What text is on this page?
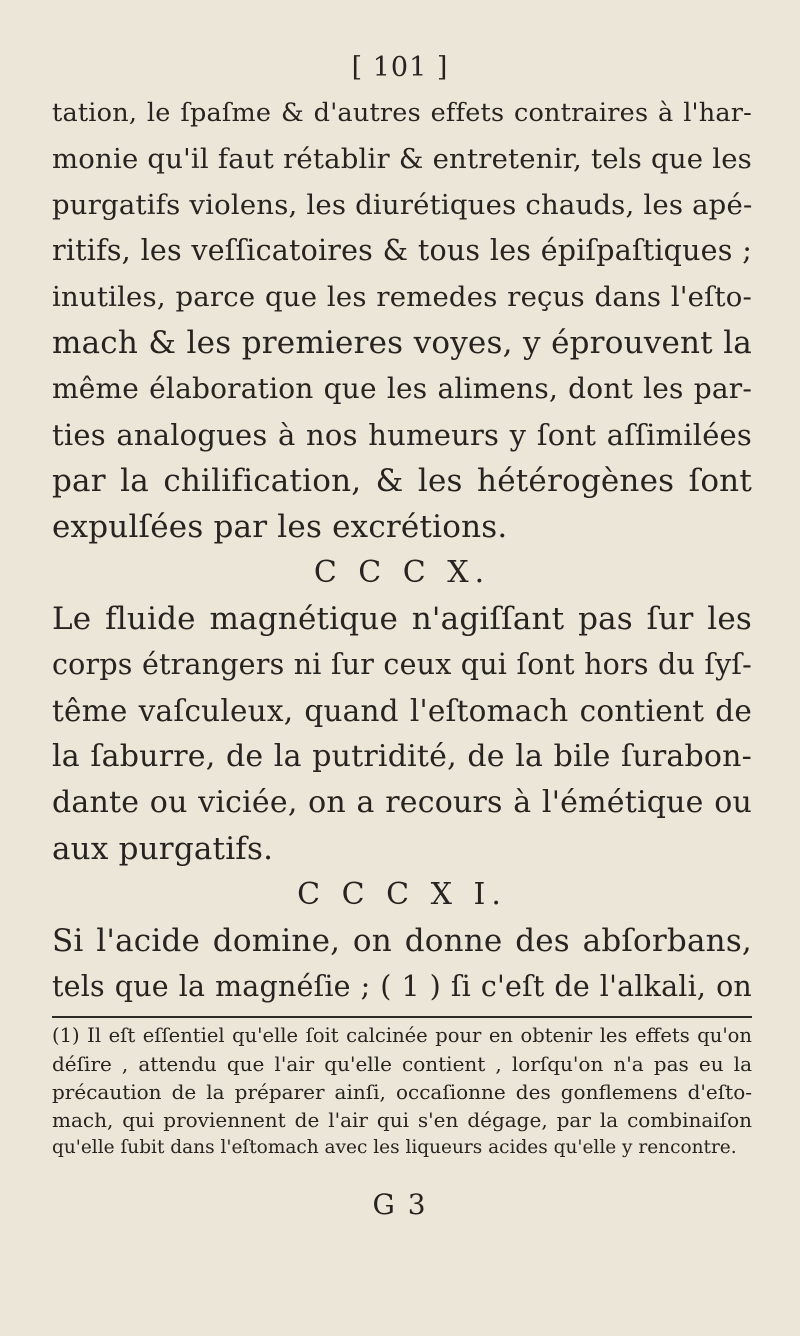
[ 101 ]
tation, le ſpaſme & d'autres effets contraires à l'har-
monie qu'il faut rétablir & entretenir, tels que les
purgatifs violens, les diurétiques chauds, les apé-
ritifs, les veſſicatoires & tous les épiſpaſtiques ;
inutiles, parce que les remedes reçus dans l'eſto-
mach & les premieres voyes, y éprouvent la
même élaboration que les alimens, dont les par-
ties analogues à nos humeurs y ſont aſſimilées
par la chilification, & les hétérogènes ſont
expulſées par les excrétions.
C C C X.
Le fluide magnétique n'agiſſant pas ſur les
corps étrangers ni ſur ceux qui ſont hors du ſyſ-
tême vaſculeux, quand l'eſtomach contient de
la ſaburre, de la putridité, de la bile ſurabon-
dante ou viciée, on a recours à l'émétique ou
aux purgatifs.
C C C X I.
Si l'acide domine, on donne des abſorbans,
tels que la magnéſie ; ( 1 ) ſi c'eſt de l'alkali, on
(1) Il eſt eſſentiel qu'elle ſoit calcinée pour en obtenir les effets qu'on
déſire , attendu que l'air qu'elle contient , lorſqu'on n'a pas eu la
précaution de la préparer ainſi, occaſionne des gonflemens d'eſto-
mach, qui proviennent de l'air qui s'en dégage, par la combinaiſon
qu'elle ſubit dans l'eſtomach avec les liqueurs acides qu'elle y rencontre.
G 3
